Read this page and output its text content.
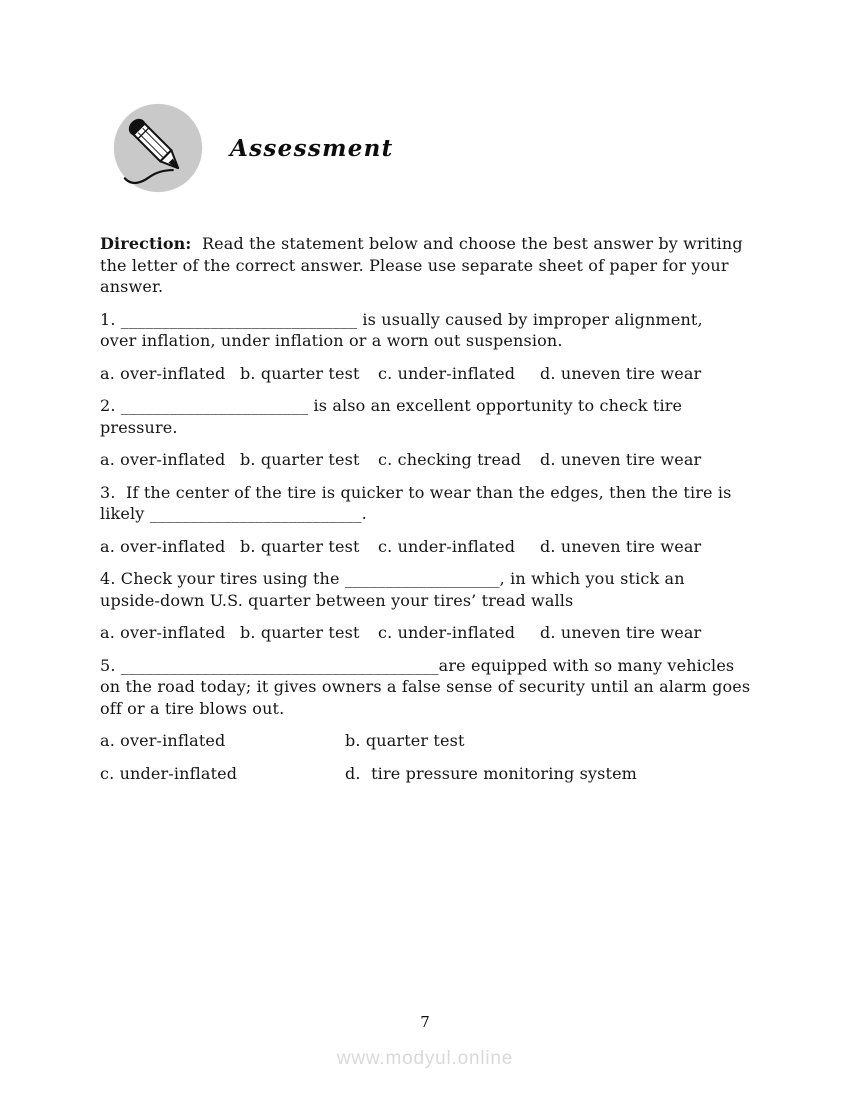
Assessment
Direction:  Read the statement below and choose the best answer by writing
the letter of the correct answer. Please use separate sheet of paper for your
answer.
1. _____________________________ is usually caused by improper alignment,
over inflation, under inflation or a worn out suspension.
a. over-inflated b. quarter test	c. under-inflated	d. uneven tire wear
2. _______________________ is also an excellent opportunity to check tire
pressure.
a. over-inflated b. quarter test	c. checking tread	d. uneven tire wear
3.  If the center of the tire is quicker to wear than the edges, then the tire is
likely __________________________.
a. over-inflated b. quarter test	c. under-inflated	d. uneven tire wear
4. Check your tires using the ___________________, in which you stick an
upside-down U.S. quarter between your tires’ tread walls
a. over-inflated b. quarter test	c. under-inflated	d. uneven tire wear
5. _______________________________________are equipped with so many vehicles
on the road today; it gives owners a false sense of security until an alarm goes
off or a tire blows out.
a. over-inflated	b. quarter test
c. under-inflated	d.  tire pressure monitoring system
7
www.modyul.online
